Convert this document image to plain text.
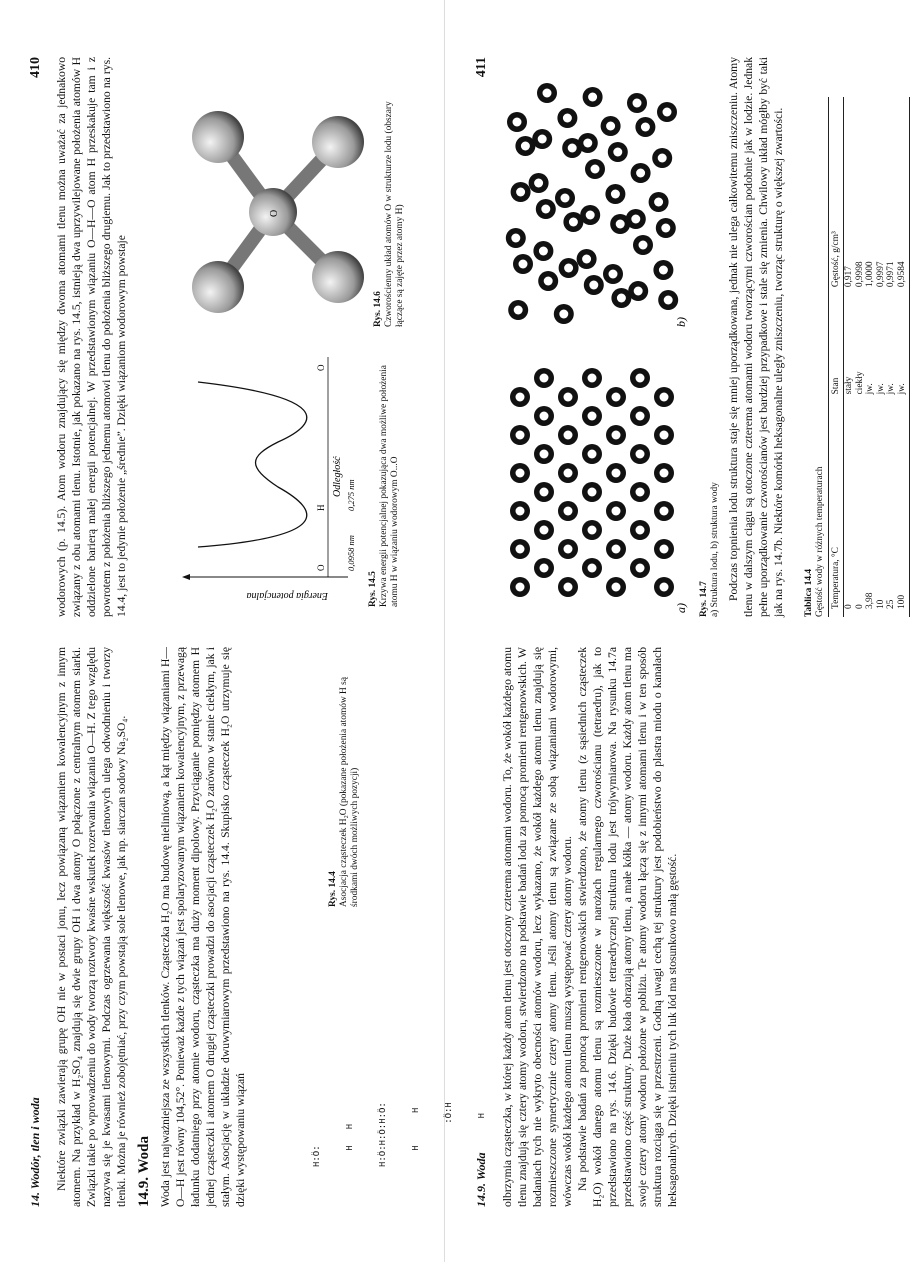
14. Wodór, tlen i woda
410

Niektóre związki zawierają grupę OH nie w postaci jonu, lecz powiązaną wiązaniem kowalencyjnym z innym atomem. Na przykład w H₂SO₄ znajdują się dwie grupy OH i dwa atomy O połączone z centralnym atomem siarki. Związki takie po wprowadzeniu do wody tworzą roztwory kwaśne wskutek rozerwania wiązania O—H. Z tego względu nazywa się je kwasami tlenowymi. Podczas ogrzewania większość kwasów tlenowych ulega odwodnieniu i tworzy tlenki. Można je również zobojętniać, przy czym powstają sole tlenowe, jak np. siarczan sodowy Na₂SO₄. 14.9. Woda Woda jest najważniejsza ze wszystkich tlenków. Cząsteczka H₂O ma budowę nieliniową, a kąt między wiązaniami H—O—H jest równy 104,52°. Ponieważ każde z tych wiązań jest spolaryzowanym wiązaniem kowalencyjnym, z przewagą ładunku dodatniego przy atomie wodoru, cząsteczka ma duży moment dipolowy. Przyciąganie pomiędzy atomem H jednej cząsteczki i atomem O drugiej cząsteczki prowadzi do asocjacji cząsteczek H₂O zarówno w stanie ciekłym, jak i stałym. Asocjację w układzie dwuwymiarowym przedstawiono na rys. 14.4. Skupisko cząsteczek H₂O utrzymuje się dzięki występowaniu wiązań

	H:Ö:

	H   H

	H:Ö:H:Ö:H:Ö:

	H      H

	:Ö:H

	H

Rys. 14.4 Asocjacja cząsteczek H₂O (pokazane położenia atomów H są środkami dwóch możliwych pozycji)

wodorowych (p. 14.5). Atom wodoru znajdujący się między dwoma atomami tlenu można uważać za jednakowo związany z obu atomami tlenu. Istotnie, jak pokazano na rys. 14.5, istnieją dwa uprzywilejowane położenia atomów H oddzielone barierą małej energii potencjalnej. W przedstawionym wiązaniu O—H—O atom H przeskakuje tam i z powrotem z położenia bliższego jednemu atomowi tlenu do położenia bliższego drugiemu. Jak to przedstawiono na rys. 14.4, jest to jedynie położenie „średnie”. Dzięki wiązaniom wodorowym powstaje	Energia potencjalna
Odległość
O
H
O
0,0958 nm
0,275 nm
Rys. 14.5 Krzywa energii potencjalnej pokazująca dwa możliwe położenia atomu H w wiązaniu wodorowym O...O
O
Rys. 14.6 Czworościenny układ atomów O w strukturze lodu (obszary łączące są zajęte przez atomy H)
14.9. Woda
411

olbrzymia cząsteczka, w której każdy atom tlenu jest otoczony czterema atomami wodoru. To, że wokół każdego atomu tlenu znajdują się cztery atomy wodoru, stwierdzono na podstawie badań lodu za pomocą promieni rentgenowskich. W badaniach tych nie wykryto obecności atomów wodoru, lecz wykazano, że wokół każdego atomu tlenu znajdują się rozmieszczone symetrycznie cztery atomy tlenu. Jeśli atomy tlenu są związane ze sobą wiązaniami wodorowymi, wówczas wokół każdego atomu tlenu muszą występować cztery atomy wodoru. Na podstawie badań za pomocą promieni rentgenowskich stwierdzono, że atomy tlenu (z sąsiednich cząsteczek H₂O) wokół danego atomu tlenu są rozmieszczone w narożach regularnego czworościanu (tetraedru), jak to przedstawiono na rys. 14.6. Dzięki budowie tetraedrycznej struktura lodu jest trójwymiarowa. Na rysunku 14.7a przedstawiono część struktury. Duże koła obrazują atomy tlenu, a małe kółka — atomy wodoru. Każdy atom tlenu ma swoje cztery atomy wodoru położone w pobliżu. Te atomy wodoru łączą się z innymi atomami tlenu i w ten sposób struktura rozciąga się w przestrzeni. Godną uwagi cechą tej struktury jest podobieństwo do plastra miodu o kanałach heksagonalnych. Dzięki istnieniu tych luk lód ma stosunkowo małą gęstość.

a)
b)
Rys. 14.7 a) Struktura lodu, b) struktura wody Podczas topnienia lodu struktura staje się mniej uporządkowana, jednak nie ulega całkowitemu zniszczeniu. Atomy tlenu w dalszym ciągu są otoczone czterema atomami wodoru tworzącymi czworościan podobnie jak w lodzie. Jednak pełne uporządkowanie czworościanów jest bardziej przypadkowe i stale się zmienia. Chwilowy układ mógłby być taki jak na rys. 14.7b. Niektóre komórki heksagonalne uległy zniszczeniu, tworząc strukturę o większej zwartości. Tablica 14.4 Gęstość wody w różnych temperaturach Temperatura, °C	Stan	Gęstość, g/cm³
0	stały	0,917
0	ciekły	0,9998
3,98	jw.	1,0000
10	jw.	0,9997
25	jw.	0,9971
100	jw.	0,9584
